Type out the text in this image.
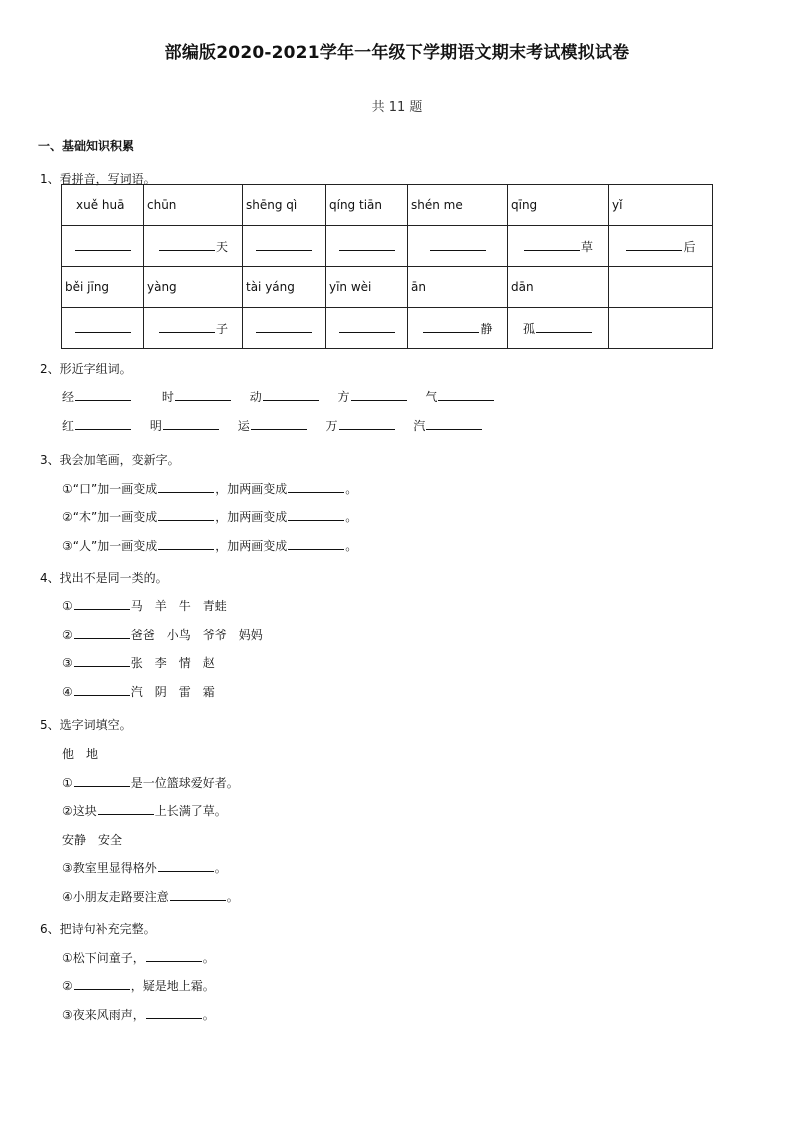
部编版2020-2021学年一年级下学期语文期末考试模拟试卷
共 11 题
一、基础知识积累
1、看拼音，写词语。
xuě huā	chūn	shēng qì	qíng tiān	shén me	qīng	yǐ
	天				草	后
běi jīng	yàng	tài yáng	yīn wèi	ān	dān	
	子			静	孤	
2、形近字组词。
经	时	动	方	气
红	明	运	万	汽
3、我会加笔画，变新字。
①“口”加一画变成	，加两画变成	。
②“木”加一画变成	，加两画变成	。
③“人”加一画变成	，加两画变成	。
4、找出不是同一类的。
①	马　羊　牛　青蛙
②	爸爸　小鸟　爷爷　妈妈
③	张　李　情　赵
④	汽　阴　雷　霜
5、选字词填空。
他　地
①	是一位篮球爱好者。
②这块	上长满了草。
安静　安全
③教室里显得格外	。
④小朋友走路要注意	。
6、把诗句补充完整。
①松下问童子，	。
②	，疑是地上霜。
③夜来风雨声，	。
